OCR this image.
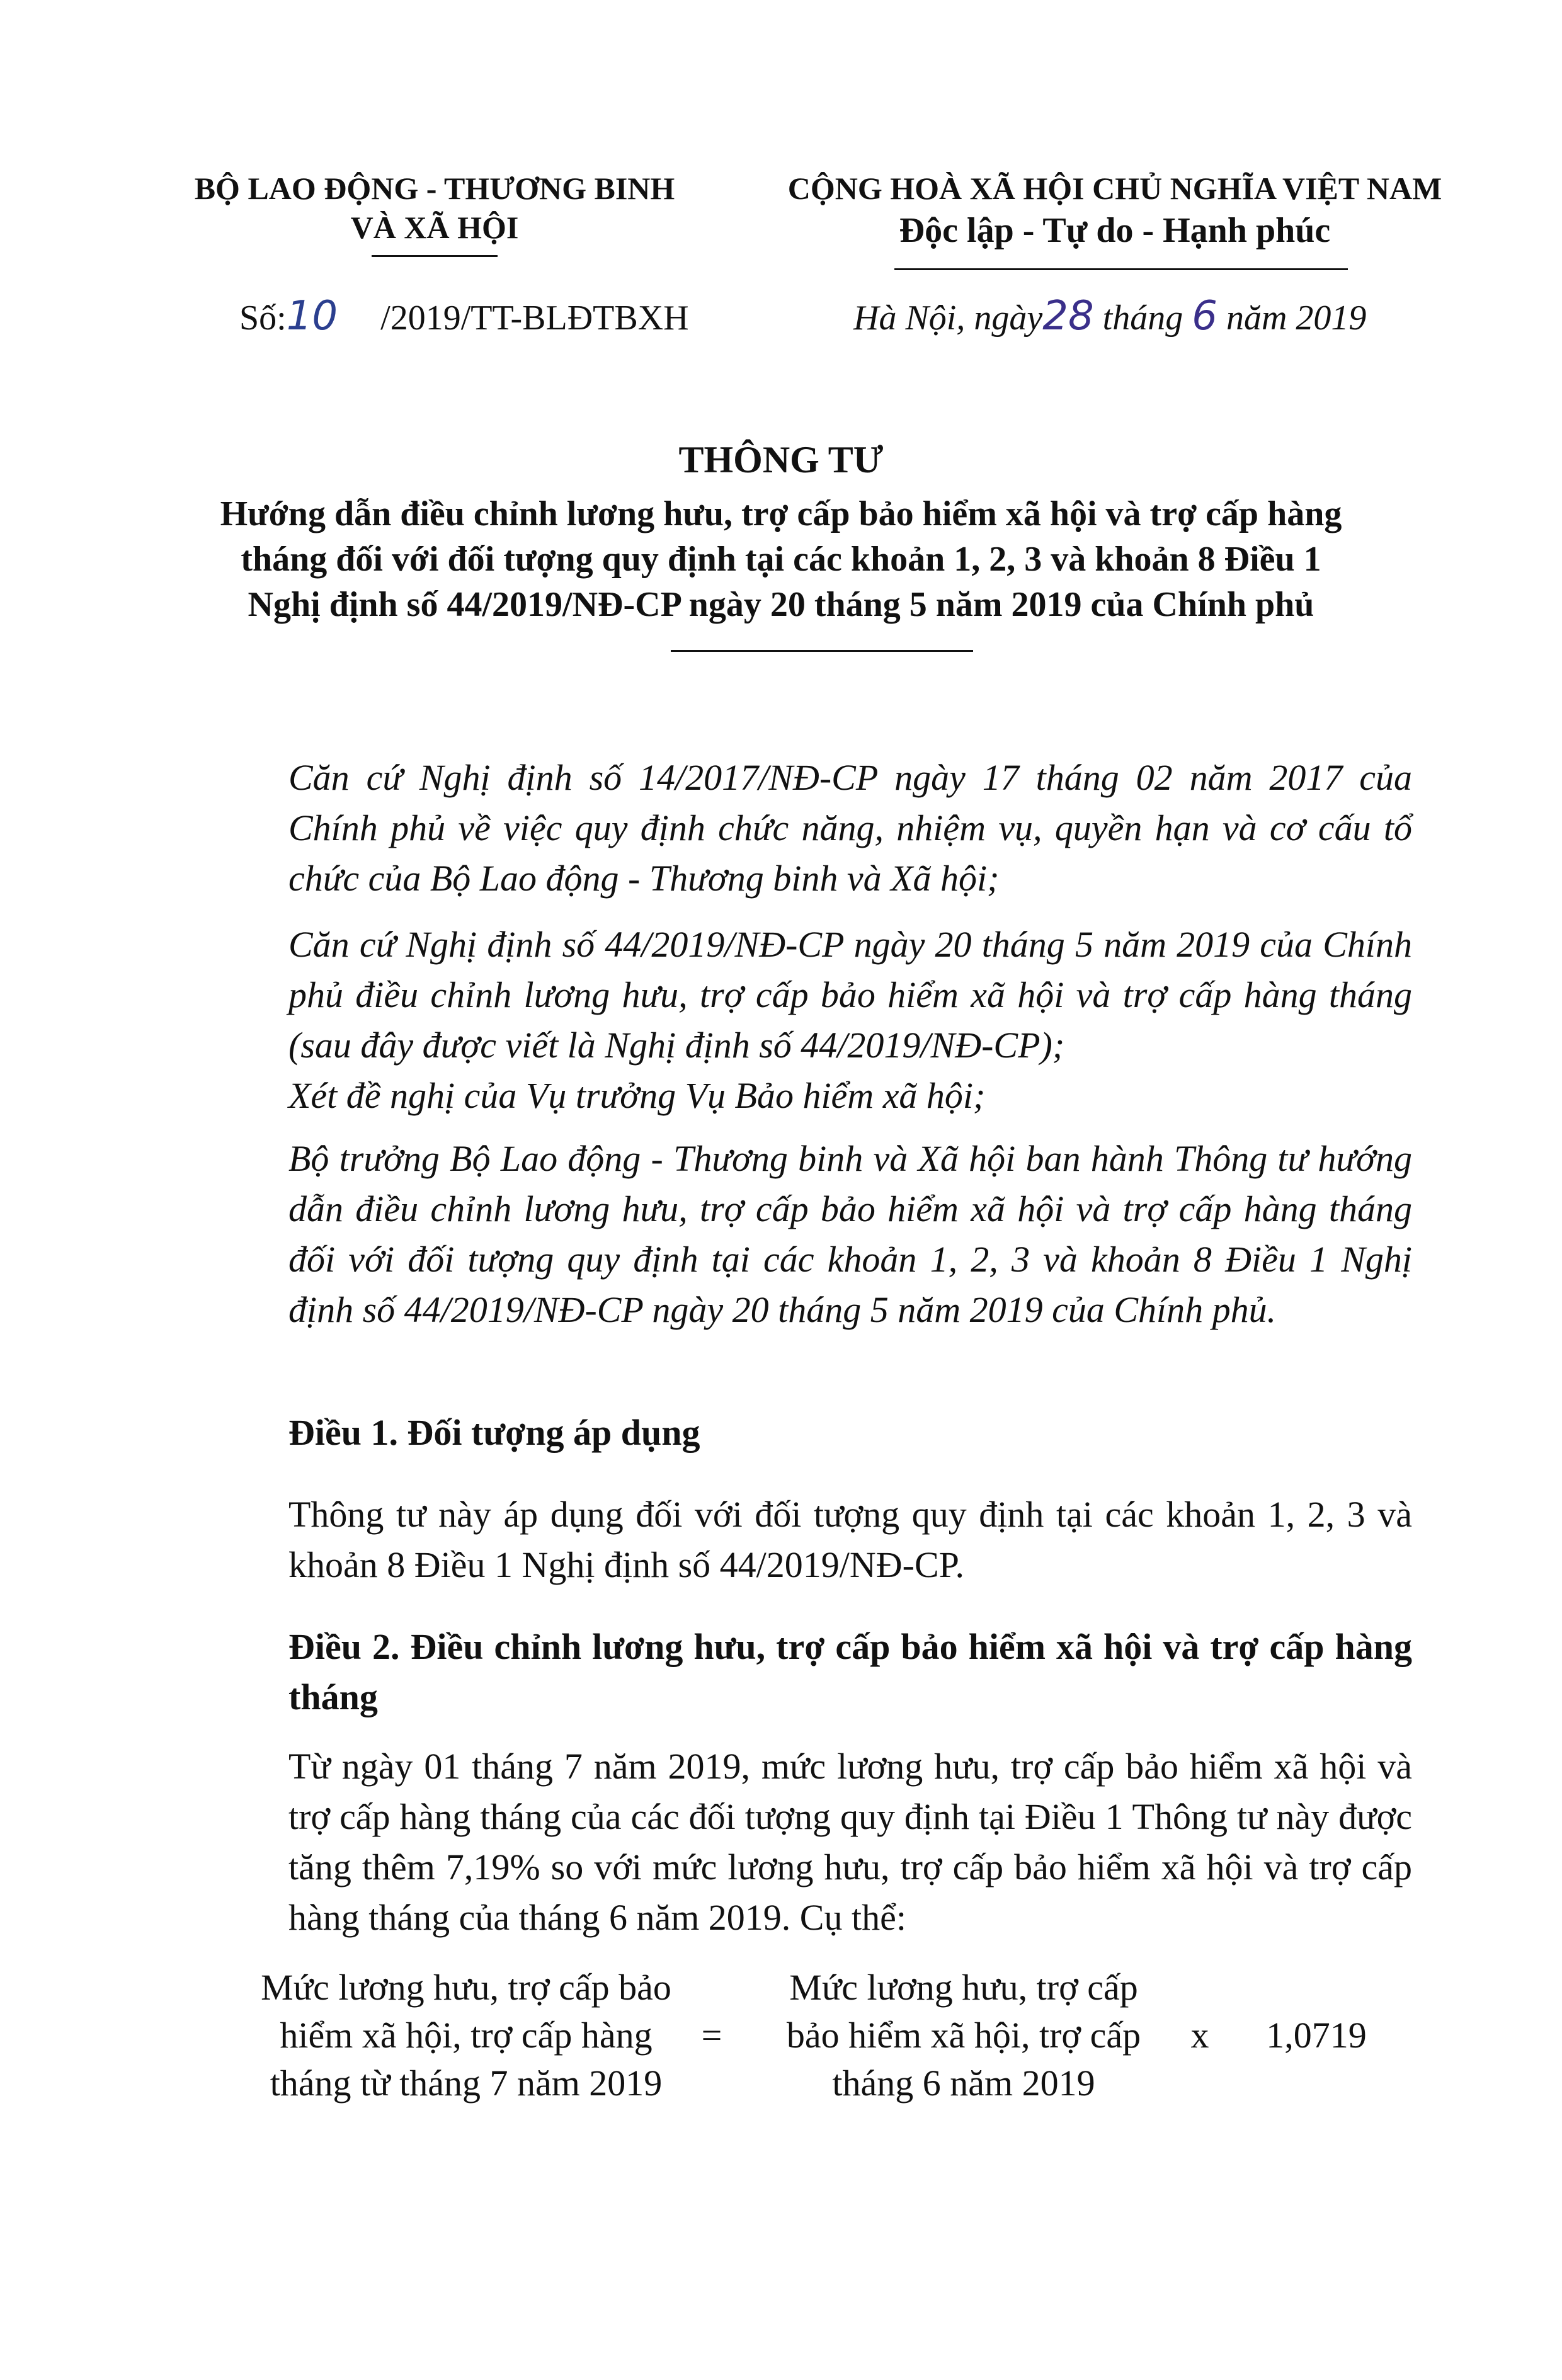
BỘ LAO ĐỘNG - THƯƠNG BINH
VÀ XÃ HỘI
CỘNG HOÀ XÃ HỘI CHỦ NGHĨA VIỆT NAM
Độc lập - Tự do - Hạnh phúc
Số:10 /2019/TT-BLĐTBXH	Hà Nội, ngày28 tháng 6 năm 2019
THÔNG TƯ
Hướng dẫn điều chỉnh lương hưu, trợ cấp bảo hiểm xã hội và trợ cấp hàng
tháng đối với đối tượng quy định tại các khoản 1, 2, 3 và khoản 8 Điều 1
Nghị định số 44/2019/NĐ-CP ngày 20 tháng 5 năm 2019 của Chính phủ
Căn cứ Nghị định số 14/2017/NĐ-CP ngày 17 tháng 02 năm 2017 của Chính phủ về việc quy định chức năng, nhiệm vụ, quyền hạn và cơ cấu tổ chức của Bộ Lao động - Thương binh và Xã hội;
Căn cứ Nghị định số 44/2019/NĐ-CP ngày 20 tháng 5 năm 2019 của Chính phủ điều chỉnh lương hưu, trợ cấp bảo hiểm xã hội và trợ cấp hàng tháng (sau đây được viết là Nghị định số 44/2019/NĐ-CP);
Xét đề nghị của Vụ trưởng Vụ Bảo hiểm xã hội;
Bộ trưởng Bộ Lao động - Thương binh và Xã hội ban hành Thông tư hướng dẫn điều chỉnh lương hưu, trợ cấp bảo hiểm xã hội và trợ cấp hàng tháng đối với đối tượng quy định tại các khoản 1, 2, 3 và khoản 8 Điều 1 Nghị định số 44/2019/NĐ-CP ngày 20 tháng 5 năm 2019 của Chính phủ.
Điều 1. Đối tượng áp dụng
Thông tư này áp dụng đối với đối tượng quy định tại các khoản 1, 2, 3 và khoản 8 Điều 1 Nghị định số 44/2019/NĐ-CP.
Điều 2. Điều chỉnh lương hưu, trợ cấp bảo hiểm xã hội và trợ cấp hàng tháng
Từ ngày 01 tháng 7 năm 2019, mức lương hưu, trợ cấp bảo hiểm xã hội và trợ cấp hàng tháng của các đối tượng quy định tại Điều 1 Thông tư này được tăng thêm 7,19% so với mức lương hưu, trợ cấp bảo hiểm xã hội và trợ cấp hàng tháng của tháng 6 năm 2019. Cụ thể:
Mức lương hưu, trợ cấp bảo
hiểm xã hội, trợ cấp hàng
tháng từ tháng 7 năm 2019
=
Mức lương hưu, trợ cấp
bảo hiểm xã hội, trợ cấp
tháng 6 năm 2019
x	1,0719
